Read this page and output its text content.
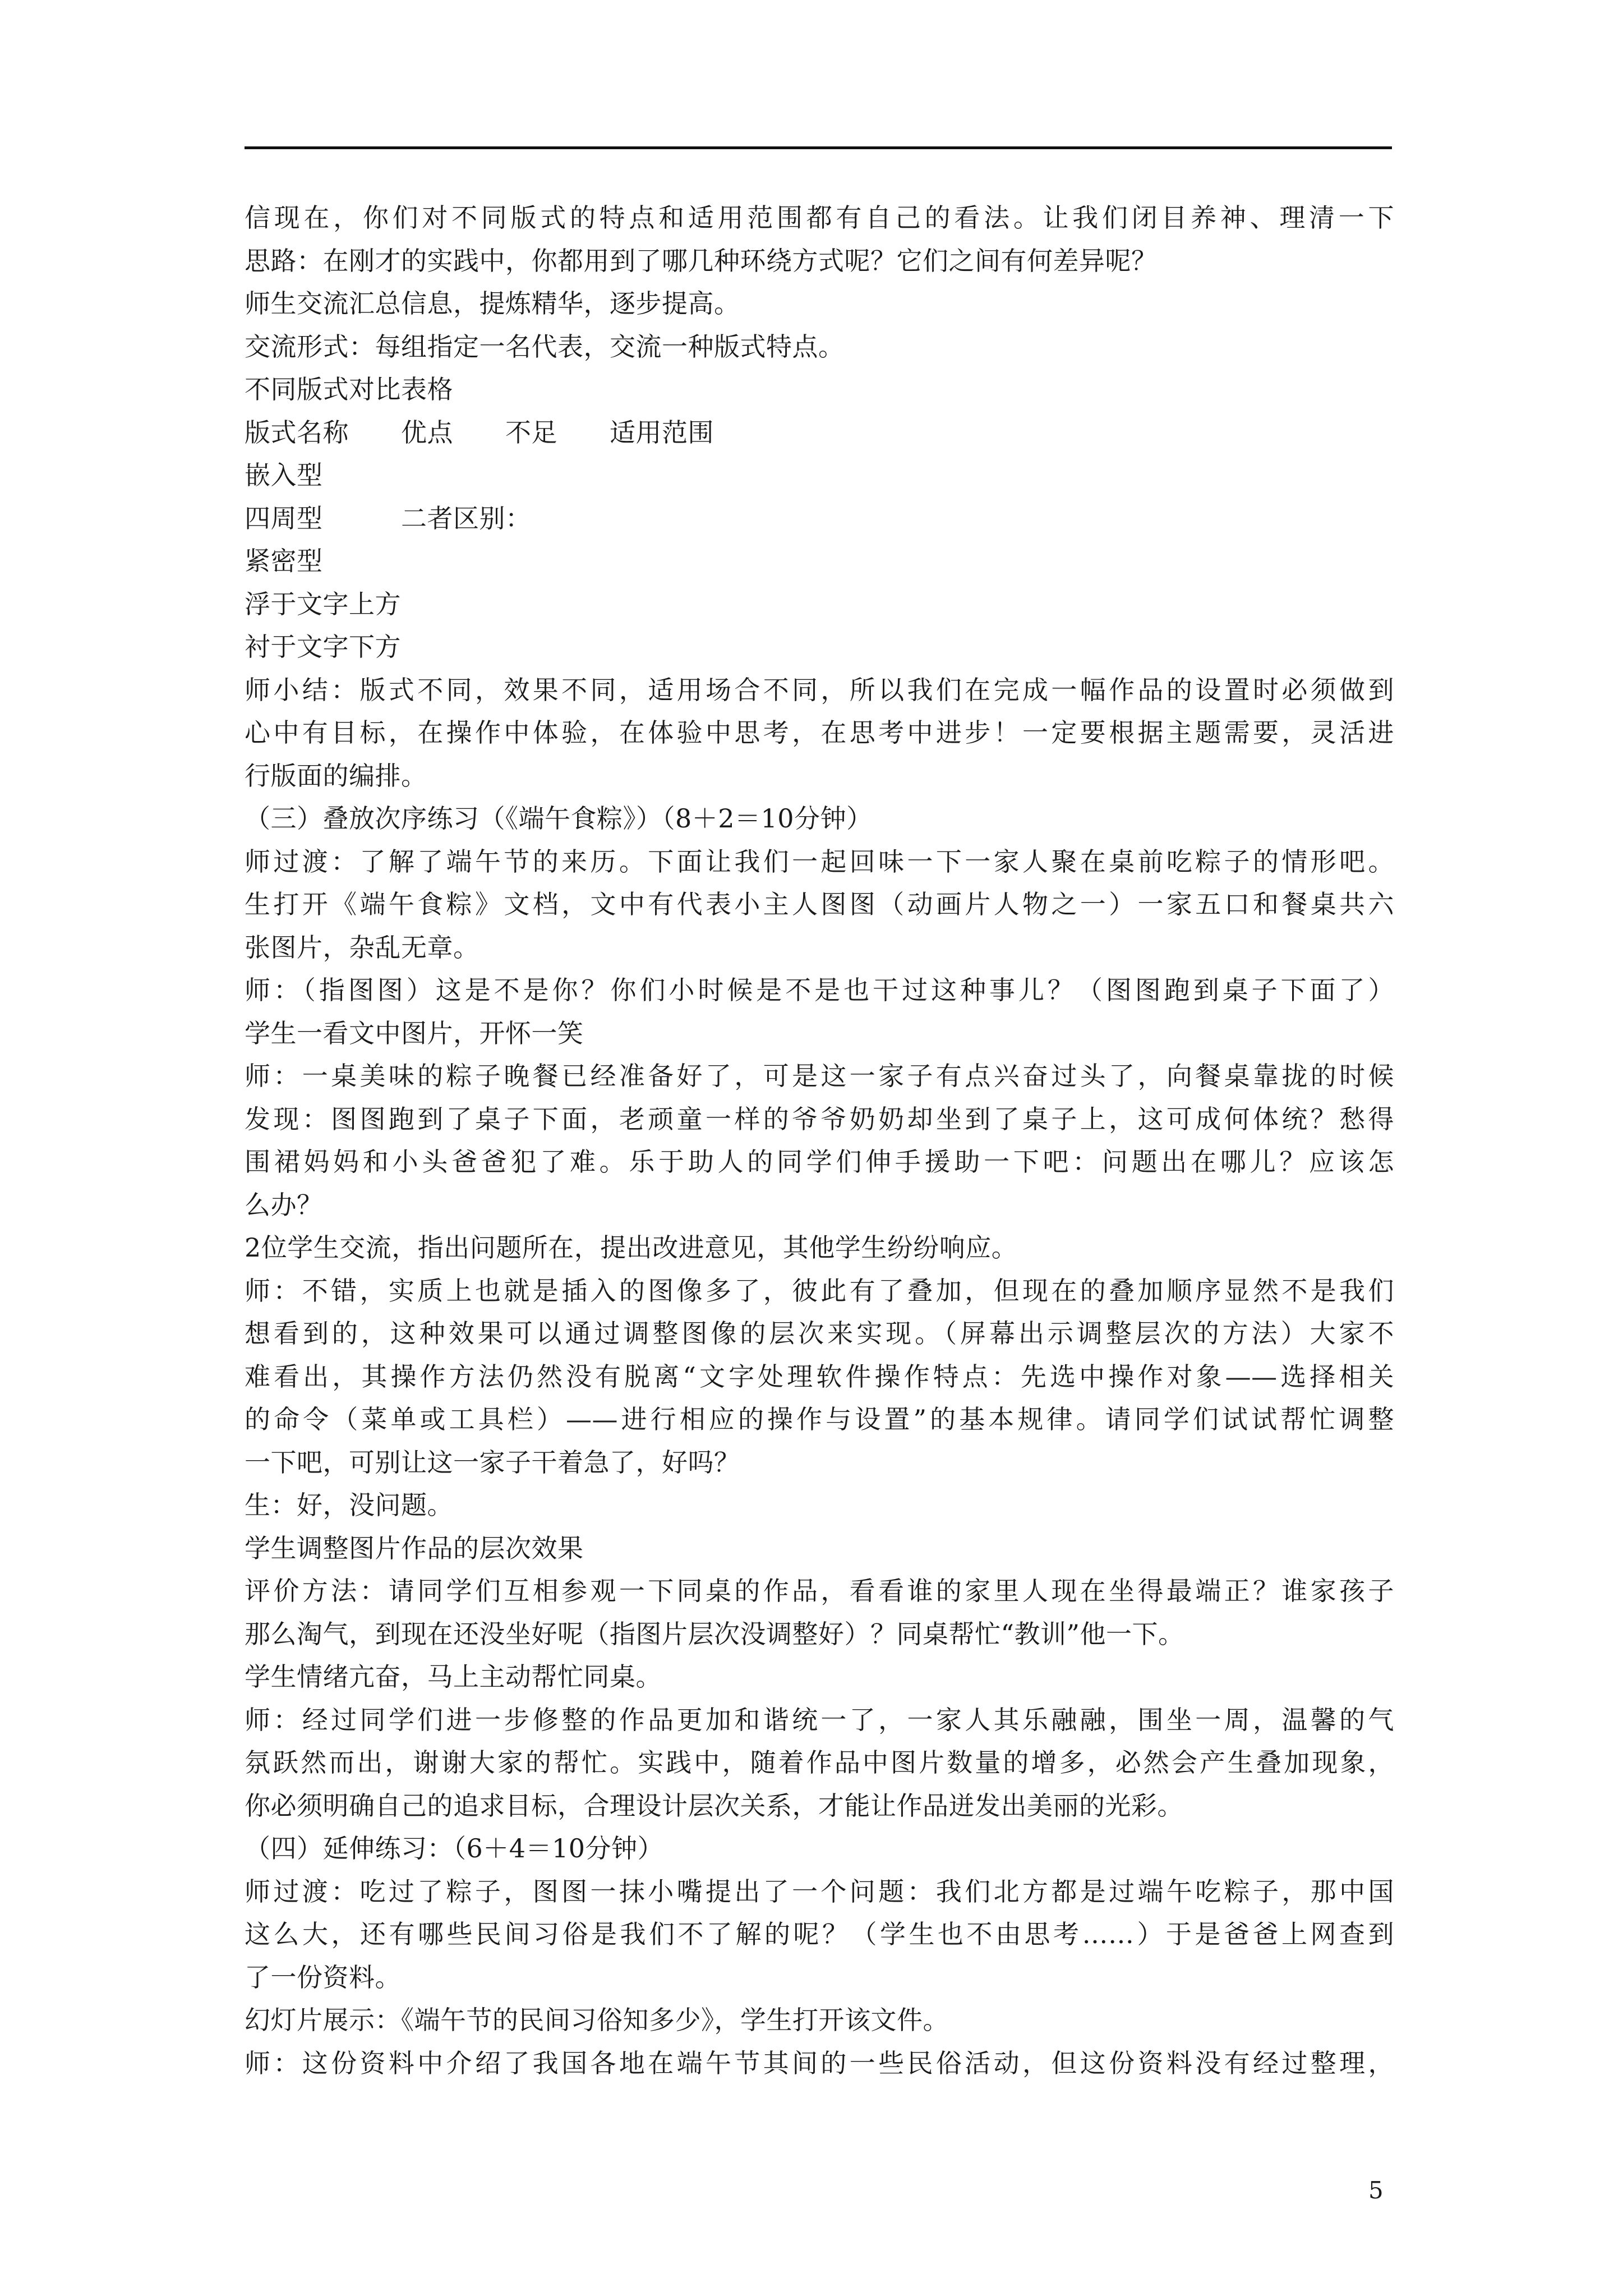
信现在，你们对不同版式的特点和适用范围都有自己的看法。让我们闭目养神、理清一下
思路：在刚才的实践中，你都用到了哪几种环绕方式呢？它们之间有何差异呢？
师生交流汇总信息，提炼精华，逐步提高。
交流形式：每组指定一名代表，交流一种版式特点。
不同版式对比表格
版式名称　　优点　　不足　　适用范围
嵌入型
四周型　　　二者区别：
紧密型
浮于文字上方
衬于文字下方
师小结：版式不同，效果不同，适用场合不同，所以我们在完成一幅作品的设置时必须做到
心中有目标，在操作中体验，在体验中思考，在思考中进步！一定要根据主题需要，灵活进
行版面的编排。
（三）叠放次序练习（《端午食粽》）（8＋2＝10分钟）
师过渡：了解了端午节的来历。下面让我们一起回味一下一家人聚在桌前吃粽子的情形吧。
生打开《端午食粽》文档，文中有代表小主人图图（动画片人物之一）一家五口和餐桌共六
张图片，杂乱无章。
师：（指图图）这是不是你？你们小时候是不是也干过这种事儿？（图图跑到桌子下面了）
学生一看文中图片，开怀一笑
师：一桌美味的粽子晚餐已经准备好了，可是这一家子有点兴奋过头了，向餐桌靠拢的时候
发现：图图跑到了桌子下面，老顽童一样的爷爷奶奶却坐到了桌子上，这可成何体统？愁得
围裙妈妈和小头爸爸犯了难。乐于助人的同学们伸手援助一下吧：问题出在哪儿？应该怎
么办？
2位学生交流，指出问题所在，提出改进意见，其他学生纷纷响应。
师：不错，实质上也就是插入的图像多了，彼此有了叠加，但现在的叠加顺序显然不是我们
想看到的，这种效果可以通过调整图像的层次来实现。（屏幕出示调整层次的方法）大家不
难看出，其操作方法仍然没有脱离“文字处理软件操作特点：先选中操作对象——选择相关
的命令（菜单或工具栏）——进行相应的操作与设置”的基本规律。请同学们试试帮忙调整
一下吧，可别让这一家子干着急了，好吗？
生：好，没问题。
学生调整图片作品的层次效果
评价方法：请同学们互相参观一下同桌的作品，看看谁的家里人现在坐得最端正？谁家孩子
那么淘气，到现在还没坐好呢（指图片层次没调整好）？同桌帮忙“教训”他一下。
学生情绪亢奋，马上主动帮忙同桌。
师：经过同学们进一步修整的作品更加和谐统一了，一家人其乐融融，围坐一周，温馨的气
氛跃然而出，谢谢大家的帮忙。实践中，随着作品中图片数量的增多，必然会产生叠加现象，
你必须明确自己的追求目标，合理设计层次关系，才能让作品迸发出美丽的光彩。
（四）延伸练习：（6＋4＝10分钟）
师过渡：吃过了粽子，图图一抹小嘴提出了一个问题：我们北方都是过端午吃粽子，那中国
这么大，还有哪些民间习俗是我们不了解的呢？（学生也不由思考……）于是爸爸上网查到
了一份资料。
幻灯片展示：《端午节的民间习俗知多少》，学生打开该文件。
师：这份资料中介绍了我国各地在端午节其间的一些民俗活动，但这份资料没有经过整理，
5
